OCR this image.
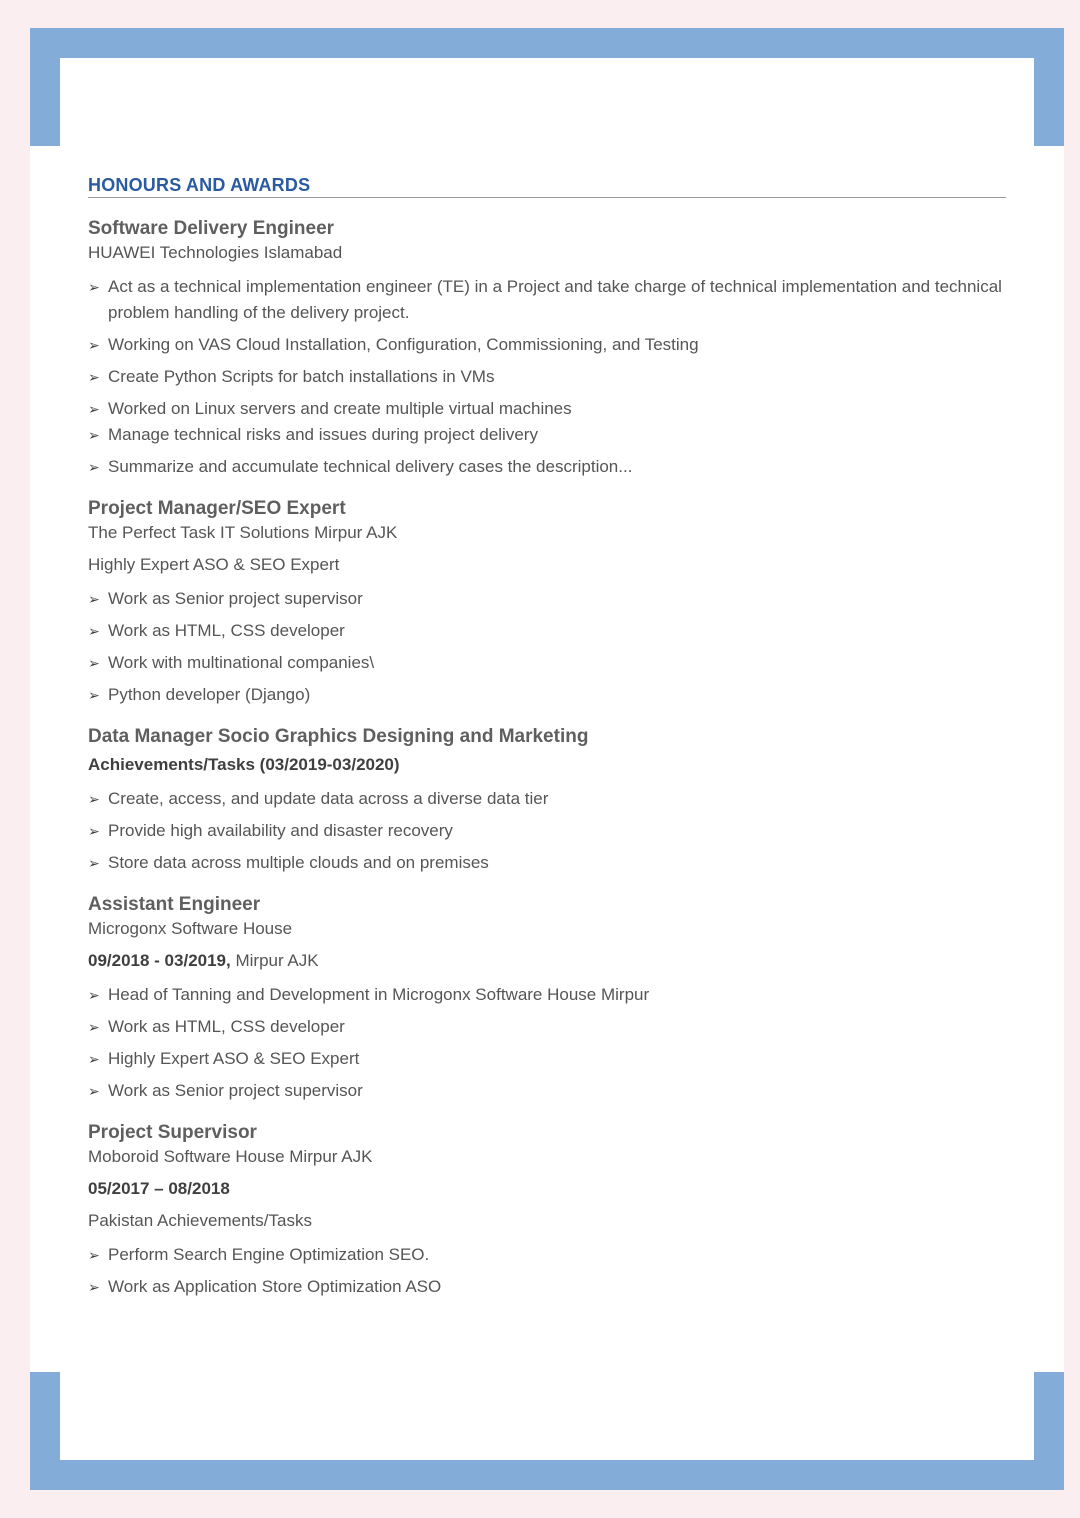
HONOURS AND AWARDS
Software Delivery Engineer
HUAWEI Technologies Islamabad
➢ Act as a technical implementation engineer (TE) in a Project and take charge of technical implementation and technical problem handling of the delivery project.
➢ Working on VAS Cloud Installation, Configuration, Commissioning, and Testing
➢ Create Python Scripts for batch installations in VMs
➢ Worked on Linux servers and create multiple virtual machines
➢ Manage technical risks and issues during project delivery
➢ Summarize and accumulate technical delivery cases the description...
Project Manager/SEO Expert
The Perfect Task IT Solutions Mirpur AJK
Highly Expert ASO & SEO Expert
➢ Work as Senior project supervisor
➢ Work as HTML, CSS developer
➢ Work with multinational companies\
➢ Python developer (Django)
Data Manager Socio Graphics Designing and Marketing
Achievements/Tasks (03/2019-03/2020)
➢ Create, access, and update data across a diverse data tier
➢ Provide high availability and disaster recovery
➢ Store data across multiple clouds and on premises
Assistant Engineer
Microgonx Software House
09/2018 - 03/2019, Mirpur AJK
➢ Head of Tanning and Development in Microgonx Software House Mirpur
➢ Work as HTML, CSS developer
➢ Highly Expert ASO & SEO Expert
➢ Work as Senior project supervisor
Project Supervisor
Moboroid Software House Mirpur AJK
05/2017 – 08/2018
Pakistan Achievements/Tasks
➢ Perform Search Engine Optimization SEO.
➢ Work as Application Store Optimization ASO
